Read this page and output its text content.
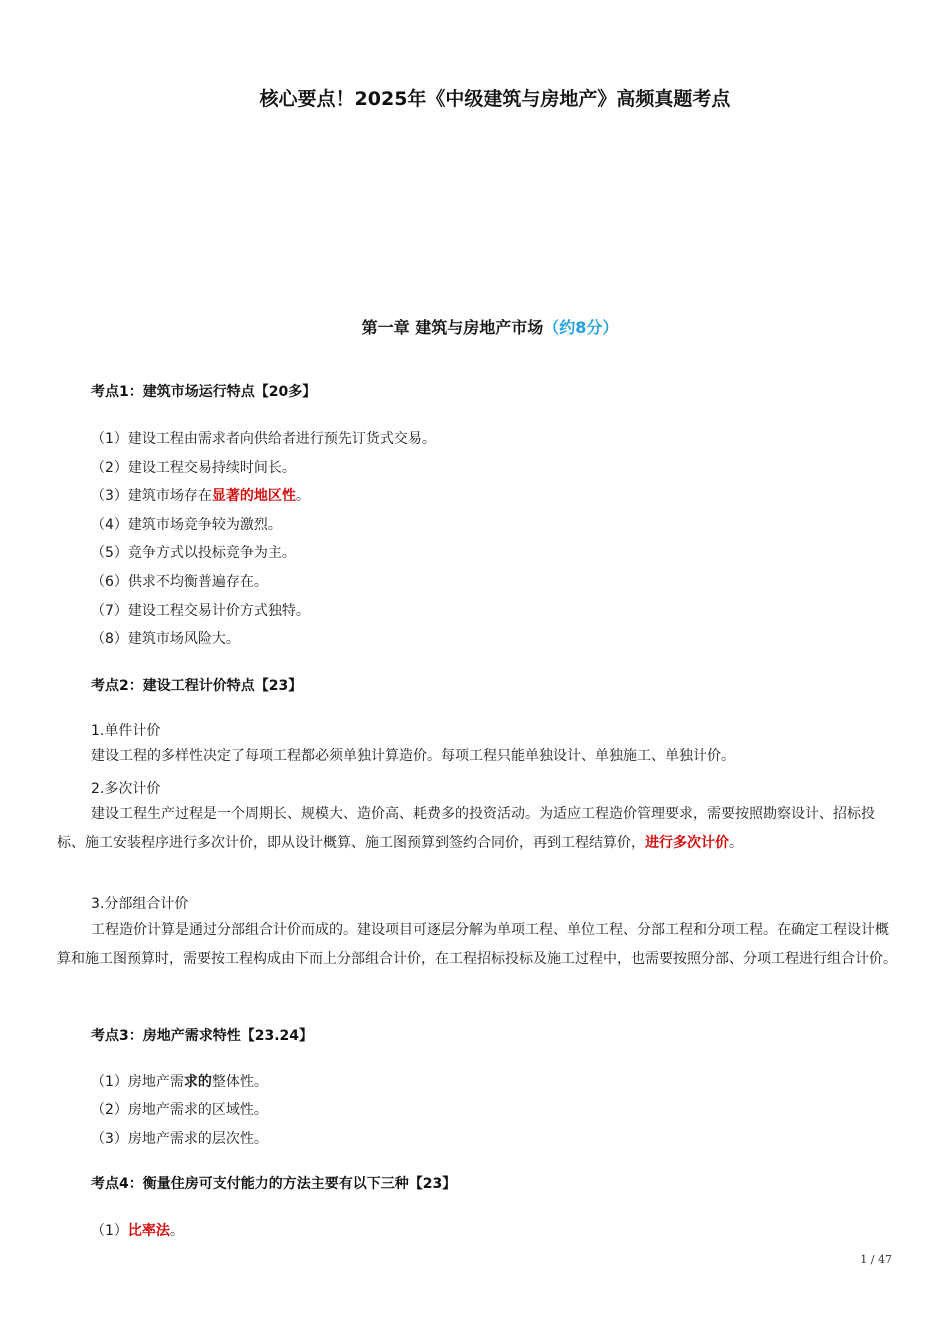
核心要点！2025年《中级建筑与房地产》高频真题考点
第一章 建筑与房地产市场（约8分）
考点1：建筑市场运行特点【20多】
（1）建设工程由需求者向供给者进行预先订货式交易。
（2）建设工程交易持续时间长。
（3）建筑市场存在显著的地区性。
（4）建筑市场竞争较为激烈。
（5）竞争方式以投标竞争为主。
（6）供求不均衡普遍存在。
（7）建设工程交易计价方式独特。
（8）建筑市场风险大。
考点2：建设工程计价特点【23】
1.单件计价
建设工程的多样性决定了每项工程都必须单独计算造价。每项工程只能单独设计、单独施工、单独计价。
2.多次计价
建设工程生产过程是一个周期长、规模大、造价高、耗费多的投资活动。为适应工程造价管理要求，需要按照勘察设计、招标投标、施工安装程序进行多次计价，即从设计概算、施工图预算到签约合同价，再到工程结算价，进行多次计价。
3.分部组合计价
工程造价计算是通过分部组合计价而成的。建设项目可逐层分解为单项工程、单位工程、分部工程和分项工程。在确定工程设计概算和施工图预算时，需要按工程构成由下而上分部组合计价，在工程招标投标及施工过程中，也需要按照分部、分项工程进行组合计价。
考点3：房地产需求特性【23.24】
（1）房地产需求的整体性。
（2）房地产需求的区域性。
（3）房地产需求的层次性。
考点4：衡量住房可支付能力的方法主要有以下三种【23】
（1）比率法。
1 / 47
